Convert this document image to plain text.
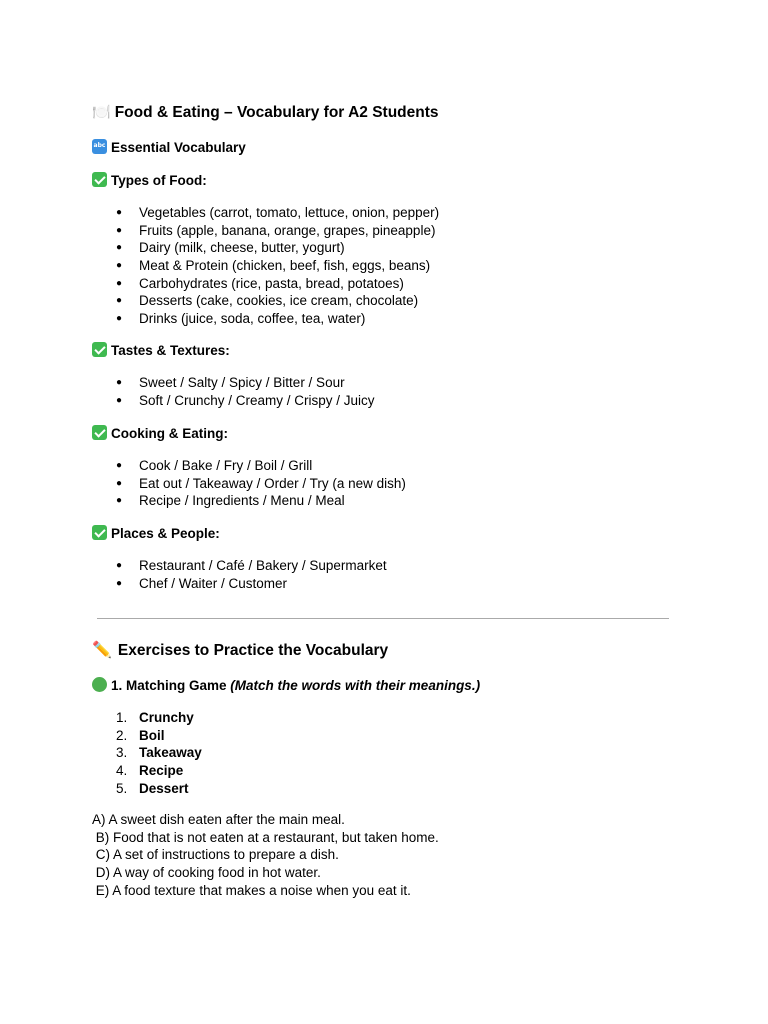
🍽️ Food & Eating – Vocabulary for A2 Students
abc Essential Vocabulary
Types of Food:
● Vegetables (carrot, tomato, lettuce, onion, pepper)
● Fruits (apple, banana, orange, grapes, pineapple)
● Dairy (milk, cheese, butter, yogurt)
● Meat & Protein (chicken, beef, fish, eggs, beans)
● Carbohydrates (rice, pasta, bread, potatoes)
● Desserts (cake, cookies, ice cream, chocolate)
● Drinks (juice, soda, coffee, tea, water)
Tastes & Textures:
● Sweet / Salty / Spicy / Bitter / Sour
● Soft / Crunchy / Creamy / Crispy / Juicy
Cooking & Eating:
● Cook / Bake / Fry / Boil / Grill
● Eat out / Takeaway / Order / Try (a new dish)
● Recipe / Ingredients / Menu / Meal
Places & People:
● Restaurant / Café / Bakery / Supermarket
● Chef / Waiter / Customer
✏️ Exercises to Practice the Vocabulary
1. Matching Game (Match the words with their meanings.)
1. Crunchy
2. Boil
3. Takeaway
4. Recipe
5. Dessert
A) A sweet dish eaten after the main meal.
B) Food that is not eaten at a restaurant, but taken home.
C) A set of instructions to prepare a dish.
D) A way of cooking food in hot water.
E) A food texture that makes a noise when you eat it.
